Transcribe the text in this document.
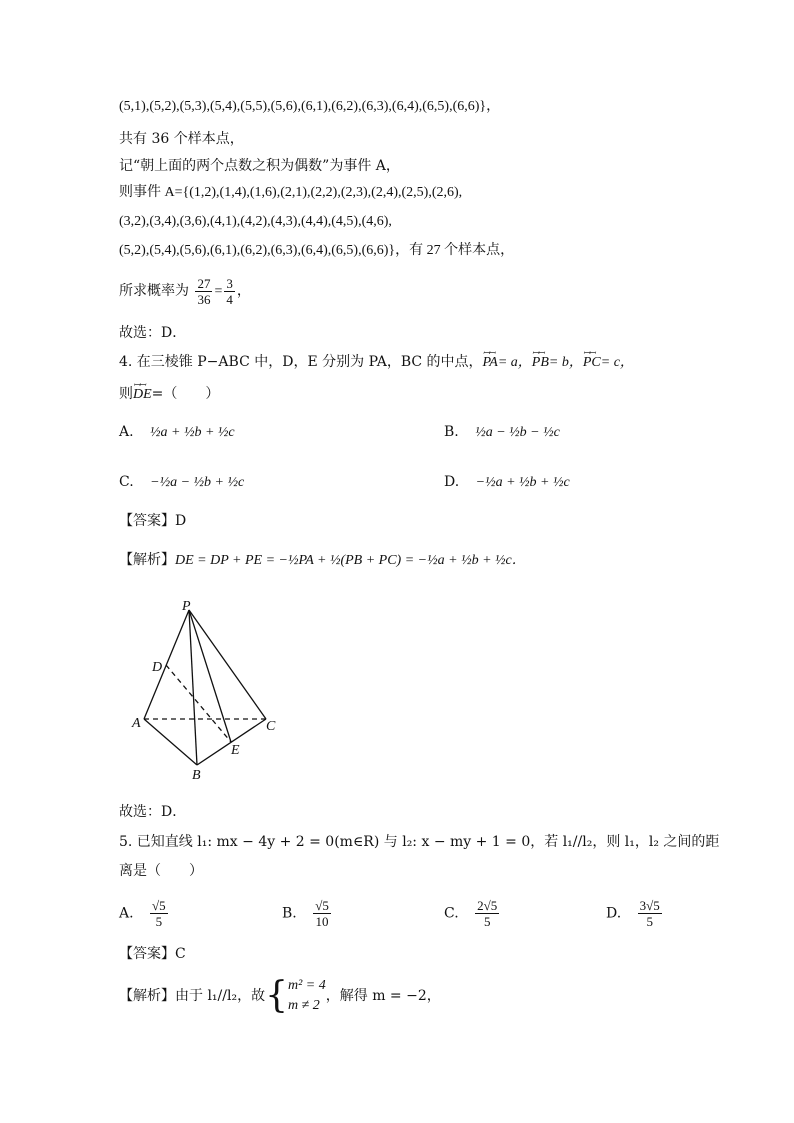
(5,1),(5,2),(5,3),(5,4),(5,5),(5,6),(6,1),(6,2),(6,3),(6,4),(6,5),(6,6)}，
共有 36 个样本点，
记“朝上面的两个点数之积为偶数”为事件 A，
则事件 A={(1,2),(1,4),(1,6),(2,1),(2,2),(2,3),(2,4),(2,5),(2,6),
(3,2),(3,4),(3,6),(4,1),(4,2),(4,3),(4,4),(4,5),(4,6),
(5,2),(5,4),(5,6),(6,1),(6,2),(6,3),(6,4),(6,5),(6,6)}，有 27 个样本点，
所求概率为 $\frac{27}{36} = \frac{3}{4}$ ，
故选：D．
4. 在三棱锥 P−ABC 中，D，E 分别为 PA，BC 的中点，ꟷꟷ PA= a，ꟷꟷ PB= b，ꟷꟷ PC= c，
则ꟷꟷ DE=（　　）
A. ½a + ½b + ½c	B. ½a − ½b − ½c
C. −½a − ½b + ½c	D. −½a + ½b + ½c
【答案】D
【解析】DE = DP + PE = −½PA + ½(PB + PC) = −½a + ½b + ½c．
P
D
A	C
E
B
故选：D．
5. 已知直线 l₁: mx − 4y + 2 = 0(m∈R) 与 l₂: x − my + 1 = 0，若 l₁//l₂，则 l₁，l₂ 之间的距
离是（　　）
A. $\frac{√5}{5}$	B. $\frac{√5}{10}$	C. $\frac{2√5}{5}$	D. $\frac{3√5}{5}$
【答案】C
【解析】由于 l₁//l₂，故{ m² = 4
m ≠ 2
，解得 m = −2，
